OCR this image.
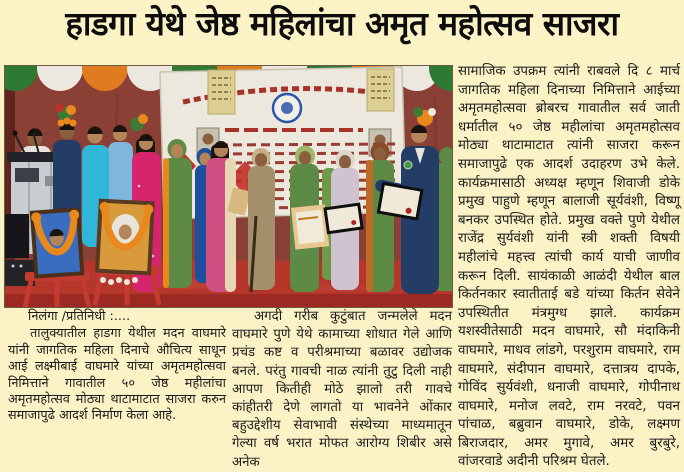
हाडगा येथे जेष्ठ महिलांचा अमृत महोत्सव साजरा

सामाजिक उपक्रम त्यांनी राबवले दि ८ मार्च जागतिक महिला दिनाच्या निमित्ताने आईच्या अमृतमहोत्सवा ब्रोबरच गावातील सर्व जाती धर्मातील ५० जेष्ठ महीलांचा अमृतमहोत्सव मोठ्या थाटामाटात त्यांनी साजरा करून समाजापुढे एक आदर्श उदाहरण उभे केले. कार्यक्रमासाठी अध्यक्ष म्हणून शिवाजी डोके प्रमुख पाहुणे म्हणून बालाजी सूर्यवंशी, विष्णू बनकर उपस्थित होते. प्रमुख वक्ते पुणे येथील राजेंद्र सुर्यवंशी यांनी स्त्री शक्ती विषयी महीलांचे महत्त्व त्यांची कार्य याची जाणीव करून दिली. सायंकाळी आळंदी येथील बाल किर्तनकार स्वातीताई बडे यांच्या किर्तन सेवेने उपस्थितीत मंत्रमुग्ध झाले. कार्यक्रम यशस्वीतेसाठी मदन वाघमारे, सौ मंदाकिनी वाघमारे, माधव लांडगे, परशुराम वाघमारे, राम वाघमारे, संदीपान वाघमारे, दत्तात्रय दापके, गोविंद सुर्यवंशी, धनाजी वाघमारे, गोपीनाथ वाघमारे, मनोज लवटे, राम नरवटे, पवन पांचाळ, बब्रुवान वाघमारे, डोके, लक्ष्मण बिराजदार, अमर मुगावे, अमर बुरबुरे, वांजरवाडे अदीनी परिश्रम घेतले.

निलंगा /प्रतिनिधी :....

तालुक्यातील हाडगा येथील मदन वाघमारे यांनी जागतिक महिला दिनाचे औचित्य साधून आई लक्ष्मीबाई वाघमारे यांच्या अमृतमहोत्सवा निमित्ताने गावातील ५० जेष्ठ महीलांचा अमृतमहोत्सव मोठ्या थाटामाटात साजरा करुन समाजापुढे आदर्श निर्माण केला आहे.

अगदी गरीब कुटुंबात जन्मलेले मदन वाघमारे पुणे येथे कामाच्या शोधात गेले आणि प्रचंड कष्ट व परीश्रमाच्या बळावर उद्योजक बनले. परंतु गावची नाळ त्यांनी तुटु दिली नाही आपण कितीही मोठे झालो तरी गावचे कांहीतरी देणे लागतो या भावनेने ओंकार बहुउद्देशीय सेवाभावी संस्थेच्या माध्यमातून गेल्या वर्ष भरात मोफत आरोग्य शिबीर असे अनेक
